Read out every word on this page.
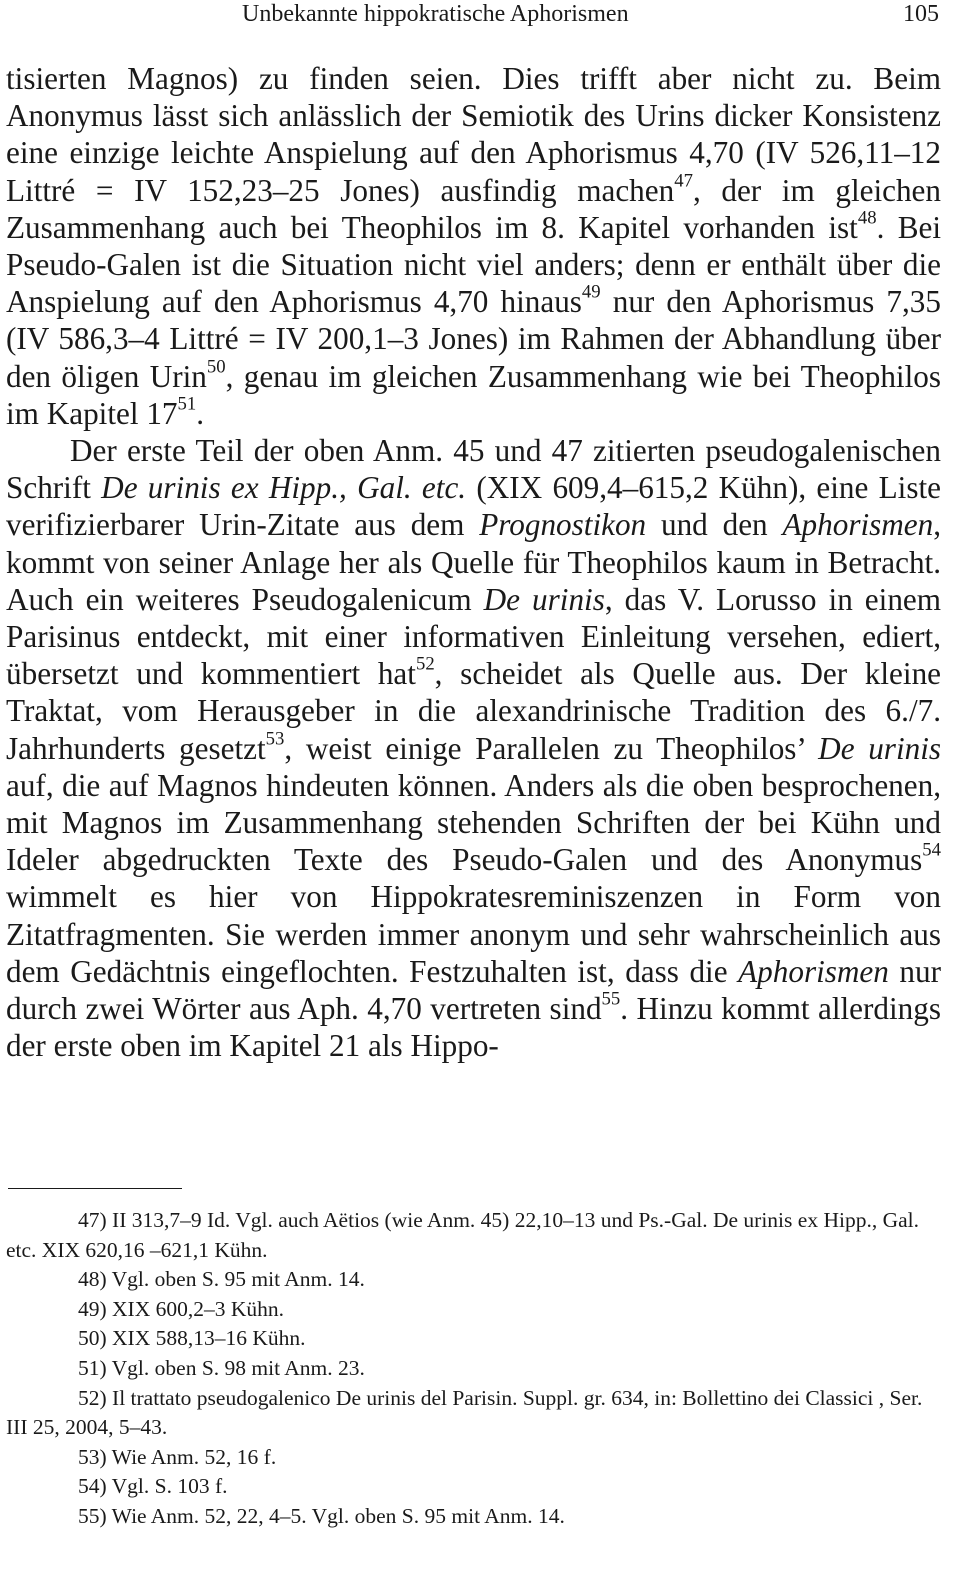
Unbekannte hippokratische Aphorismen	105

tisierten Magnos) zu finden seien. Dies trifft aber nicht zu. Beim Anonymus lässt sich anlässlich der Semiotik des Urins dicker Konsistenz eine einzige leichte Anspielung auf den Aphorismus 4,70 (IV 526,11–12 Littré = IV 152,23–25 Jones) ausfindig machen$^{47}$, der im gleichen Zusammenhang auch bei Theophilos im 8. Kapitel vorhanden ist$^{48}$. Bei Pseudo-Galen ist die Situation nicht viel anders; denn er enthält über die Anspielung auf den Aphorismus 4,70 hinaus$^{49}$ nur den Aphorismus 7,35 (IV 586,3–4 Littré = IV 200,1–3 Jones) im Rahmen der Abhandlung über den öligen Urin$^{50}$, genau im gleichen Zusammenhang wie bei Theophilos im Kapitel $17^{51}$.

Der erste Teil der oben Anm. 45 und 47 zitierten pseudogalenischen Schrift De urinis ex Hipp., Gal. etc. (XIX 609,4–615,2 Kühn), eine Liste verifizierbarer Urin-Zitate aus dem Prognostikon und den Aphorismen, kommt von seiner Anlage her als Quelle für Theophilos kaum in Betracht. Auch ein weiteres Pseudogalenicum De urinis, das V. Lorusso in einem Parisinus entdeckt, mit einer informativen Einleitung versehen, ediert, übersetzt und kommentiert hat$^{52}$, scheidet als Quelle aus. Der kleine Traktat, vom Herausgeber in die alexandrinische Tradition des 6./7. Jahrhunderts gesetzt$^{53}$, weist einige Parallelen zu Theophilos’ De urinis auf, die auf Magnos hindeuten können. Anders als die oben besprochenen, mit Magnos im Zusammenhang stehenden Schriften der bei Kühn und Ideler abgedruckten Texte des Pseudo-Galen und des Anonymus$^{54}$ wimmelt es hier von Hippokratesreminiszenzen in Form von Zitatfragmenten. Sie werden immer anonym und sehr wahrscheinlich aus dem Gedächtnis eingeflochten. Festzuhalten ist, dass die Aphorismen nur durch zwei Wörter aus Aph. 4,70 vertreten sind$^{55}$. Hinzu kommt allerdings der erste oben im Kapitel 21 als Hippo-

47) II 313,7–9 Id. Vgl. auch Aëtios (wie Anm. 45) 22,10–13 und Ps.-Gal. De urinis ex Hipp., Gal. etc. XIX 620,16 –621,1 Kühn.

48) Vgl. oben S. 95 mit Anm. 14.

49) XIX 600,2–3 Kühn.

50) XIX 588,13–16 Kühn.

51) Vgl. oben S. 98 mit Anm. 23.

52) Il trattato pseudogalenico De urinis del Parisin. Suppl. gr. 634, in: Bollettino dei Classici , Ser. III 25, 2004, 5–43.

53) Wie Anm. 52, 16 f.

54) Vgl. S. 103 f.

55) Wie Anm. 52, 22, 4–5. Vgl. oben S. 95 mit Anm. 14.
